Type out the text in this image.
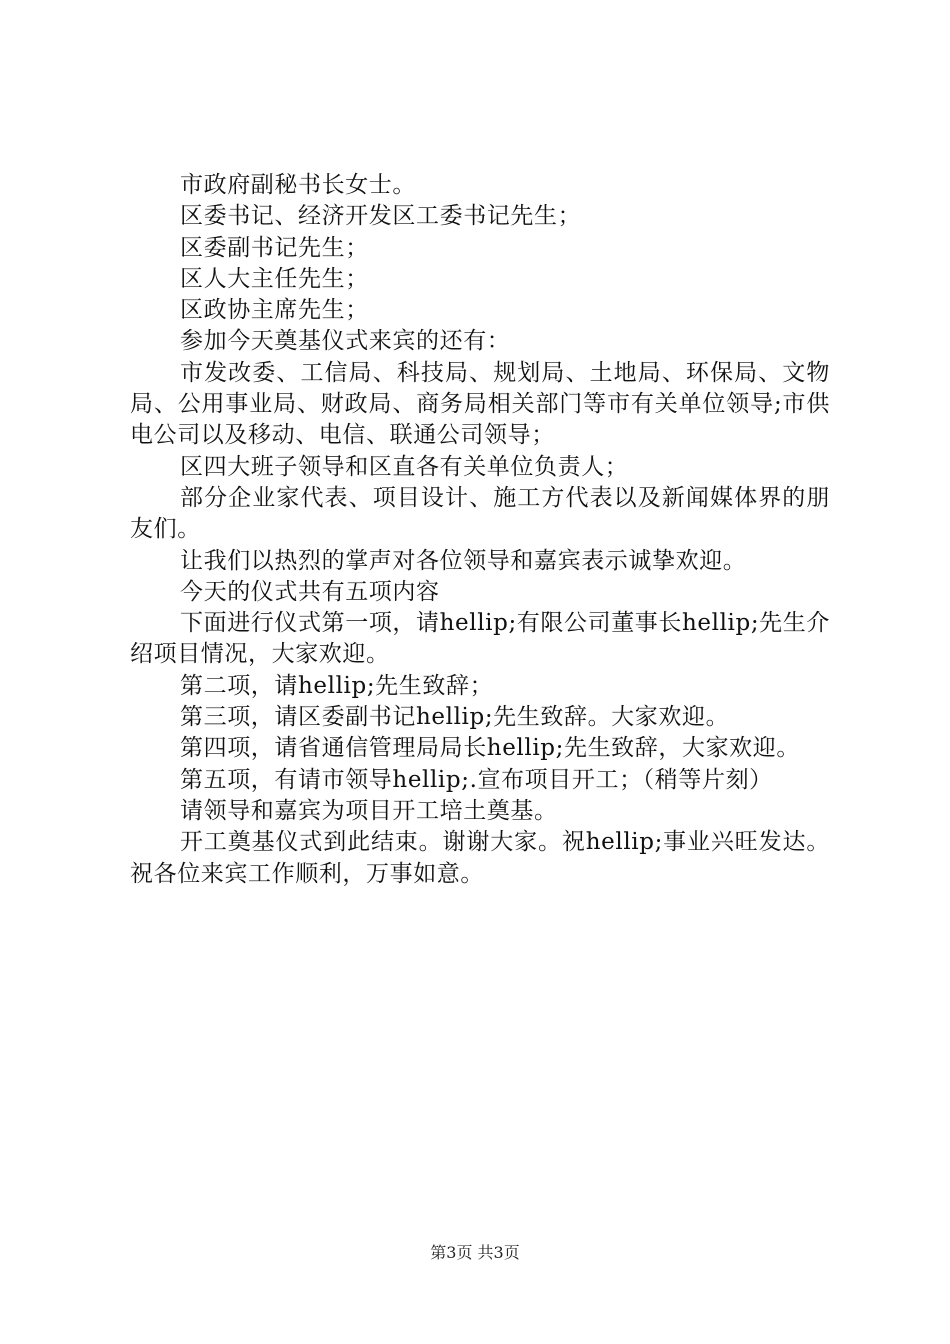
市政府副秘书长女士。

区委书记、经济开发区工委书记先生；

区委副书记先生；

区人大主任先生；

区政协主席先生；

参加今天奠基仪式来宾的还有：

市发改委、工信局、科技局、规划局、土地局、环保局、文物局、公用事业局、财政局、商务局相关部门等市有关单位领导;市供电公司以及移动、电信、联通公司领导；

区四大班子领导和区直各有关单位负责人；

部分企业家代表、项目设计、施工方代表以及新闻媒体界的朋友们。

让我们以热烈的掌声对各位领导和嘉宾表示诚挚欢迎。

今天的仪式共有五项内容

下面进行仪式第一项，请hellip;有限公司董事长hellip;先生介绍项目情况，大家欢迎。

第二项，请hellip;先生致辞；

第三项，请区委副书记hellip;先生致辞。大家欢迎。

第四项，请省通信管理局局长hellip;先生致辞，大家欢迎。

第五项，有请市领导hellip;.宣布项目开工；（稍等片刻）

请领导和嘉宾为项目开工培土奠基。

开工奠基仪式到此结束。谢谢大家。祝hellip;事业兴旺发达。祝各位来宾工作顺利，万事如意。

第3页 共3页
